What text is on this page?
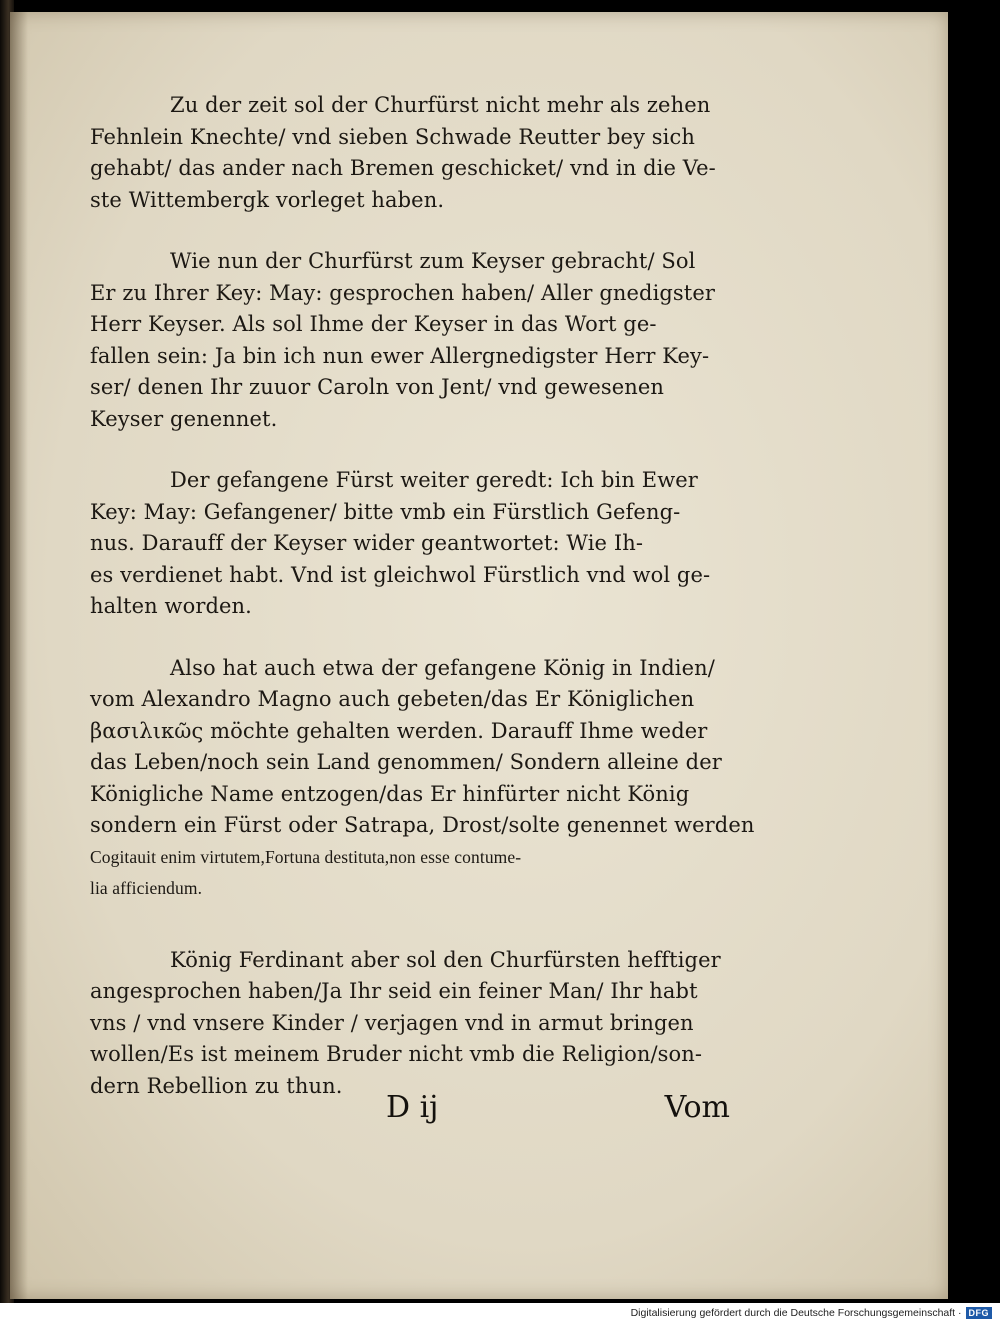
Zu der zeit sol der Churfürst nicht mehr als zehen
Fehnlein Knechte/ vnd sieben Schwade Reutter bey sich
gehabt/ das ander nach Bremen geschicket/ vnd in die Ve-
ste Wittembergk vorleget haben.

Wie nun der Churfürst zum Keyser gebracht/ Sol
Er zu Ihrer Key: May: gesprochen haben/ Aller gnedigster
Herr Keyser. Als sol Ihme der Keyser in das Wort ge-
fallen sein: Ja bin ich nun ewer Allergnedigster Herr Key-
ser/ denen Ihr zuuor Caroln von Jent/ vnd gewesenen
Keyser genennet.

Der gefangene Fürst weiter geredt: Ich bin Ewer
Key: May: Gefangener/ bitte vmb ein Fürstlich Gefeng-
nus. Darauff der Keyser wider geantwortet: Wie Ih-
es verdienet habt. Vnd ist gleichwol Fürstlich vnd wol ge-
halten worden.

Also hat auch etwa der gefangene König in Indien/
vom Alexandro Magno auch gebeten/das Er Königlichen
βασιλικῶς möchte gehalten werden. Darauff Ihme weder
das Leben/noch sein Land genommen/ Sondern alleine der
Königliche Name entzogen/das Er hinfürter nicht König
sondern ein Fürst oder Satrapa, Drost/solte genennet werden

Cogitauit enim virtutem,Fortuna destituta,non esse contume-
lia afficiendum.

König Ferdinant aber sol den Churfürsten hefftiger
angesprochen haben/Ja Ihr seid ein feiner Man/ Ihr habt
vns / vnd vnsere Kinder / verjagen vnd in armut bringen
wollen/Es ist meinem Bruder nicht vmb die Religion/son-
dern Rebellion zu thun.

D ij	Vom
Digitalisierung gefördert durch die Deutsche Forschungsgemeinschaft · DFG
